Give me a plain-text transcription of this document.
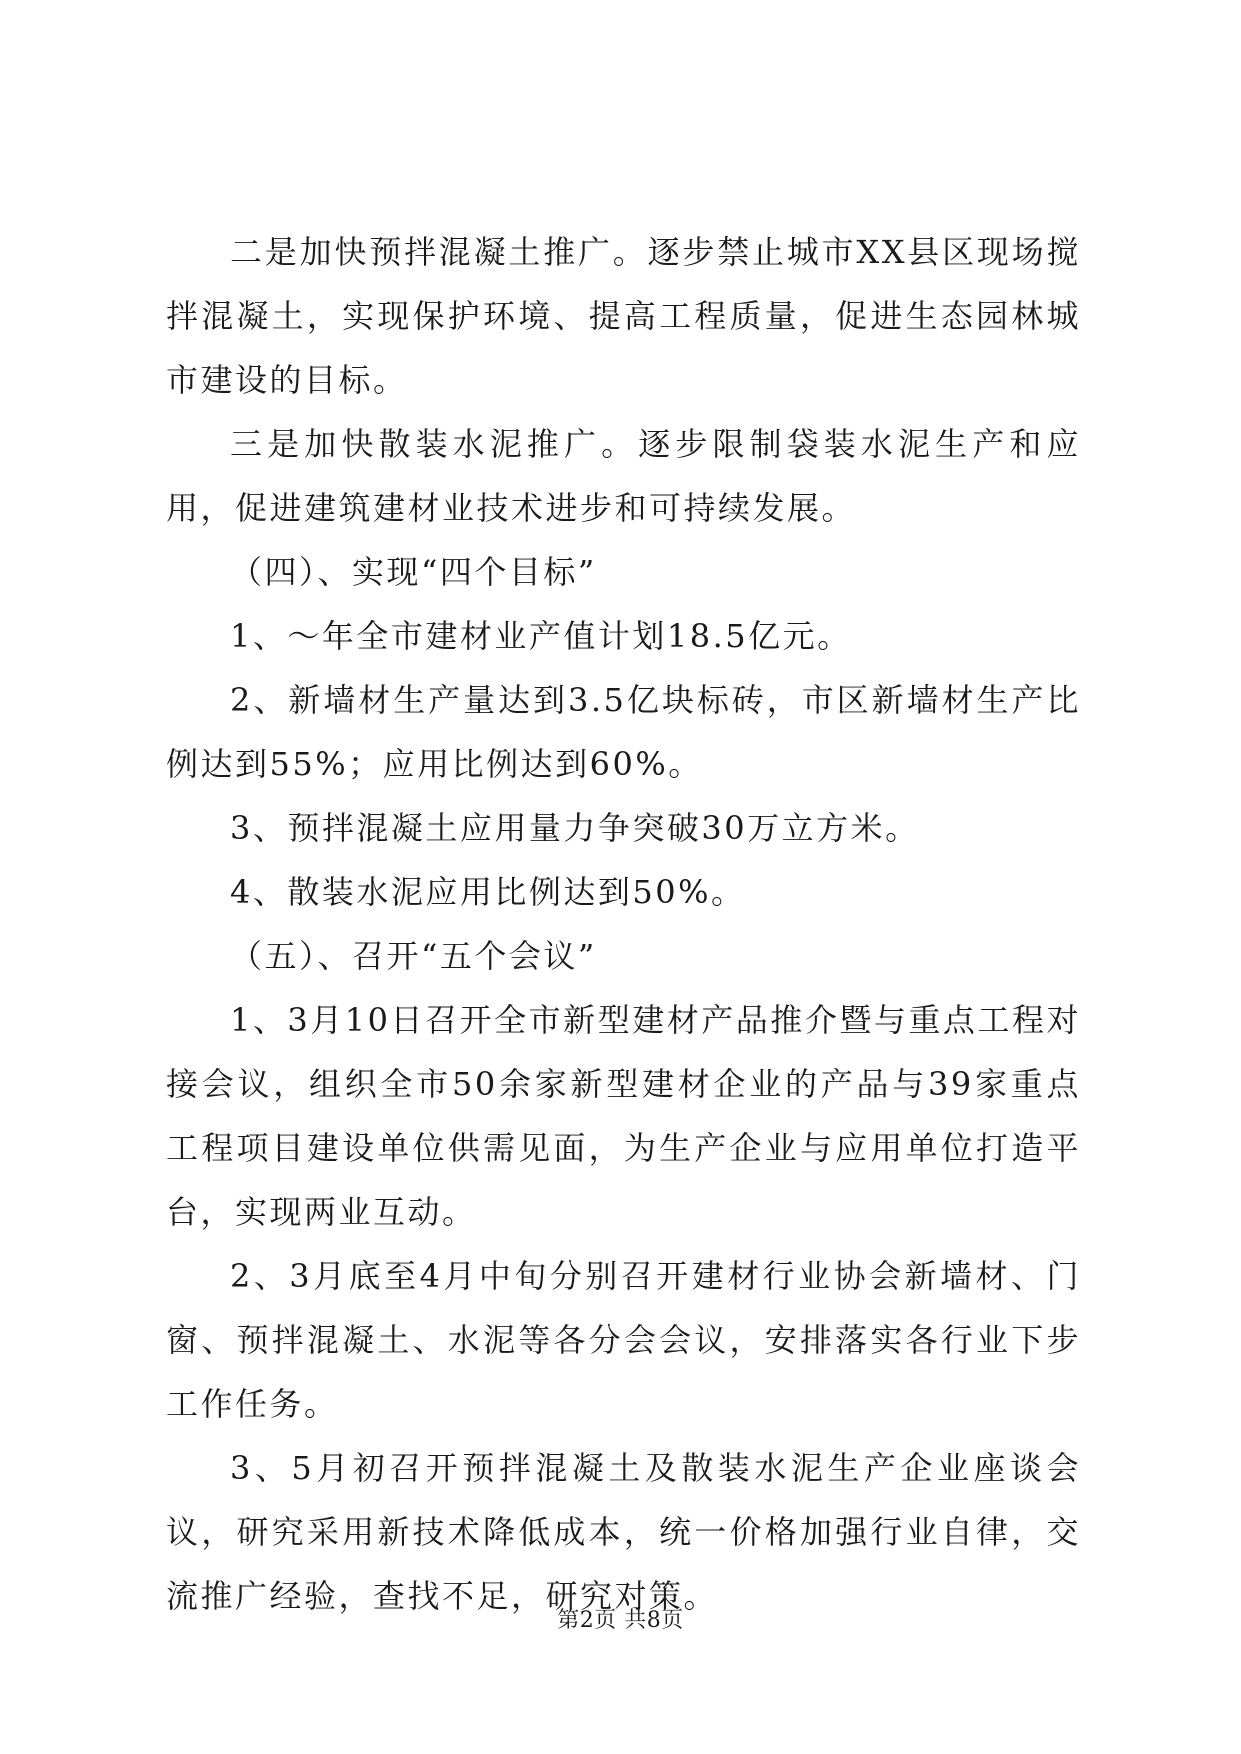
二是加快预拌混凝土推广。逐步禁止城市XX县区现场搅拌混凝土，实现保护环境、提高工程质量，促进生态园林城市建设的目标。

三是加快散装水泥推广。逐步限制袋装水泥生产和应用，促进建筑建材业技术进步和可持续发展。

（四）、实现“四个目标”

1、～年全市建材业产值计划18.5亿元。

2、新墙材生产量达到3.5亿块标砖，市区新墙材生产比例达到55%；应用比例达到60%。

3、预拌混凝土应用量力争突破30万立方米。

4、散装水泥应用比例达到50%。

（五）、召开“五个会议”

1、3月10日召开全市新型建材产品推介暨与重点工程对接会议，组织全市50余家新型建材企业的产品与39家重点工程项目建设单位供需见面，为生产企业与应用单位打造平台，实现两业互动。

2、3月底至4月中旬分别召开建材行业协会新墙材、门窗、预拌混凝土、水泥等各分会会议，安排落实各行业下步工作任务。

3、5月初召开预拌混凝土及散装水泥生产企业座谈会议，研究采用新技术降低成本，统一价格加强行业自律，交流推广经验，查找不足，研究对策。

第2页 共8页
